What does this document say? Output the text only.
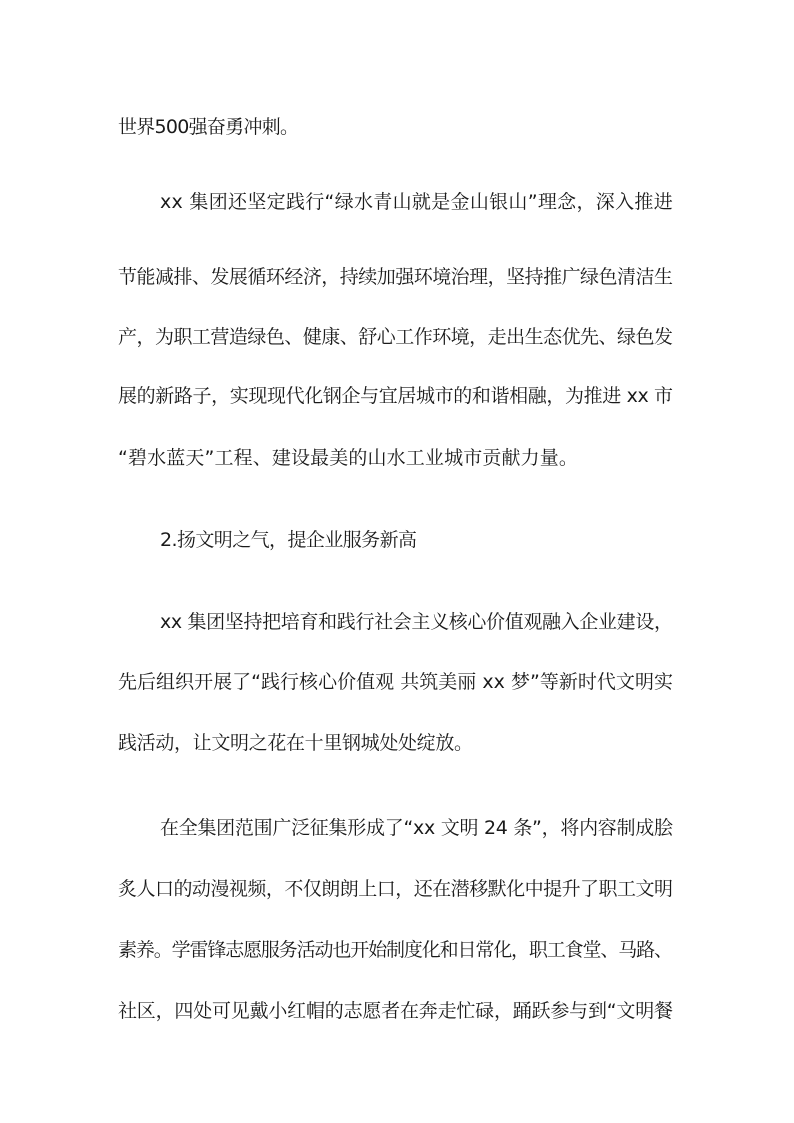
世界500强奋勇冲刺。
xx 集团还坚定践行“绿水青山就是金山银山”理念，深入推进
节能减排、发展循环经济，持续加强环境治理，坚持推广绿色清洁生
产，为职工营造绿色、健康、舒心工作环境，走出生态优先、绿色发
展的新路子，实现现代化钢企与宜居城市的和谐相融，为推进 xx 市
“碧水蓝天”工程、建设最美的山水工业城市贡献力量。
2.扬文明之气，提企业服务新高
xx 集团坚持把培育和践行社会主义核心价值观融入企业建设，
先后组织开展了“践行核心价值观 共筑美丽 xx 梦”等新时代文明实
践活动，让文明之花在十里钢城处处绽放。
在全集团范围广泛征集形成了“xx 文明 24 条”，将内容制成脍
炙人口的动漫视频，不仅朗朗上口，还在潜移默化中提升了职工文明
素养。学雷锋志愿服务活动也开始制度化和日常化，职工食堂、马路、
社区，四处可见戴小红帽的志愿者在奔走忙碌，踊跃参与到“文明餐
